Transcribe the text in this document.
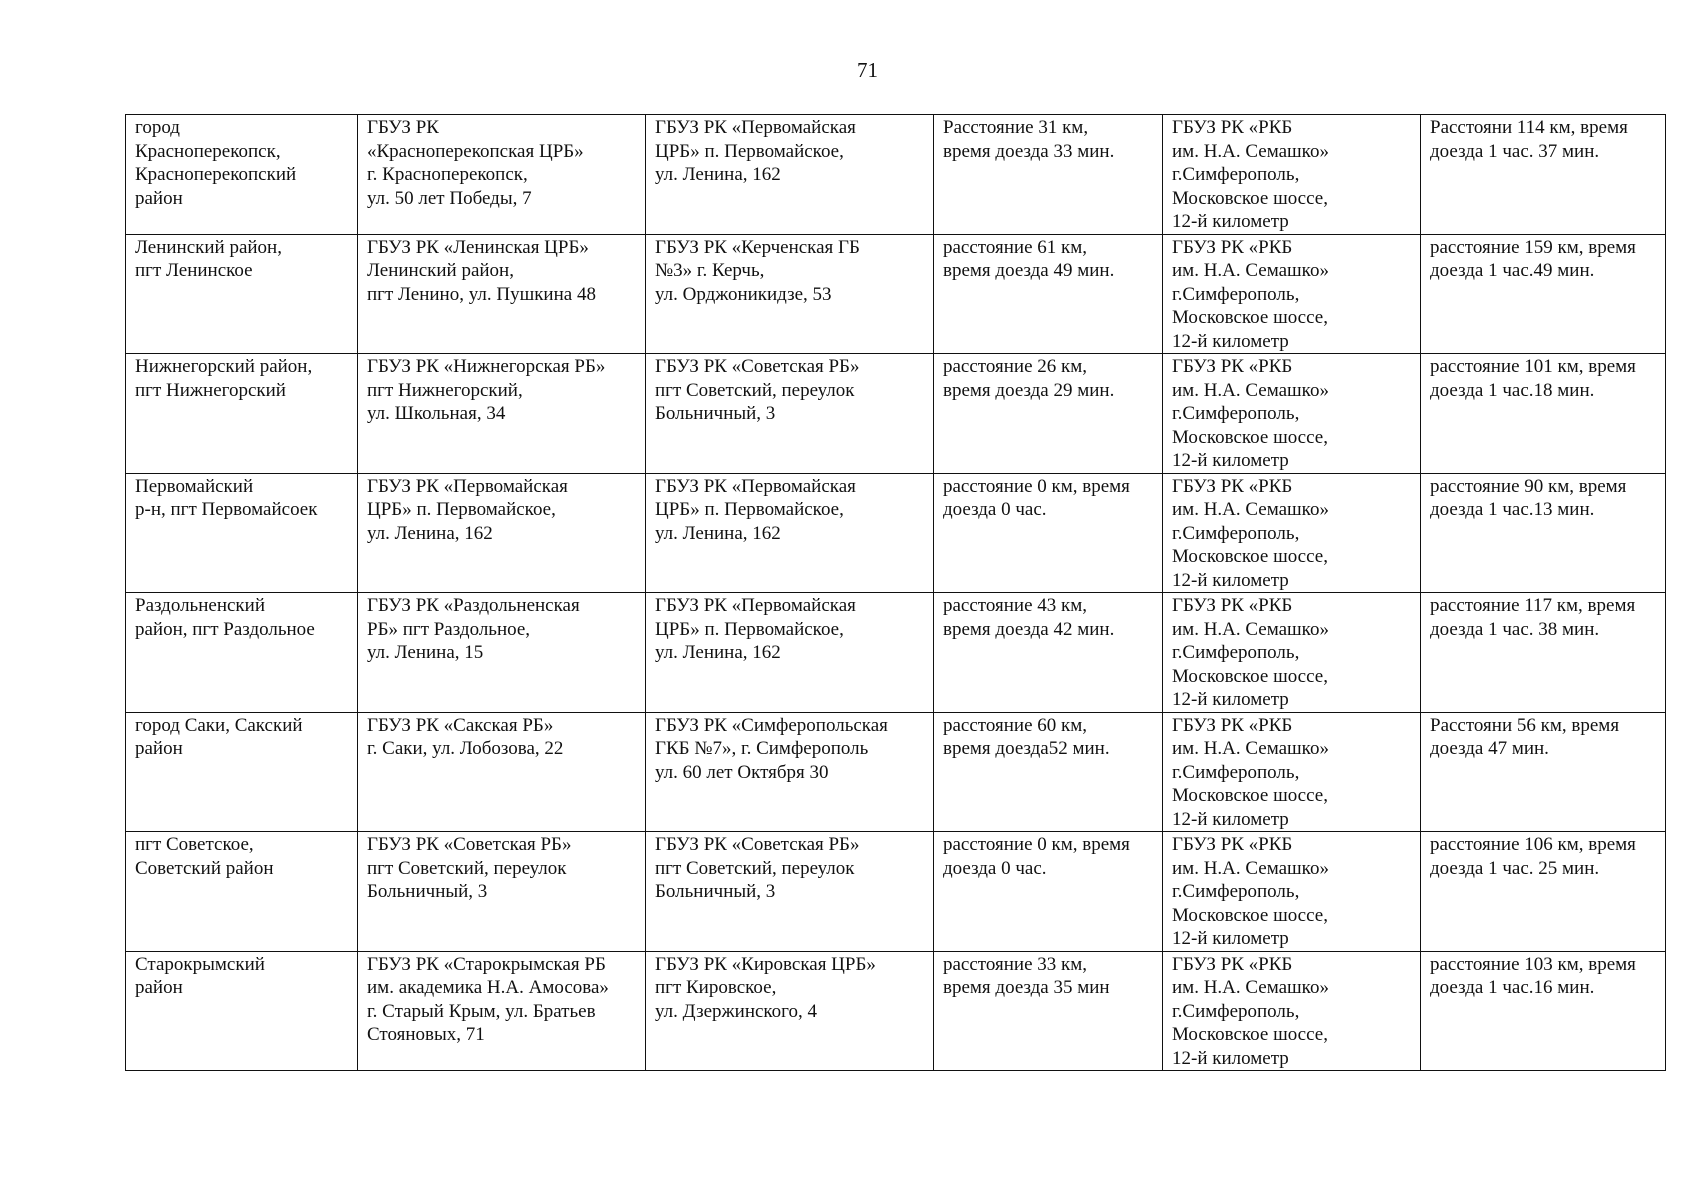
71
город
Красноперекопск,
Красноперекопский
район	ГБУЗ РК
«Красноперекопская ЦРБ»
г. Красноперекопск,
ул. 50 лет Победы, 7	ГБУЗ РК «Первомайская
ЦРБ» п. Первомайское,
ул. Ленина, 162	Расстояние 31 км,
время доезда 33 мин.	ГБУЗ РК «РКБ
им. Н.А. Семашко»
г.Симферополь,
Московское шоссе,
12-й километр	Расстояни 114 км, время
доезда 1 час. 37 мин.
Ленинский район,
пгт Ленинское	ГБУЗ РК «Ленинская ЦРБ»
Ленинский район,
пгт Ленино, ул. Пушкина 48	ГБУЗ РК «Керченская ГБ
№3» г. Керчь,
ул. Орджоникидзе, 53	расстояние 61 км,
время доезда 49 мин.	ГБУЗ РК «РКБ
им. Н.А. Семашко»
г.Симферополь,
Московское шоссе,
12-й километр	расстояние 159 км, время
доезда 1 час.49 мин.
Нижнегорский район,
пгт Нижнегорский	ГБУЗ РК «Нижнегорская РБ»
пгт Нижнегорский,
ул. Школьная, 34	ГБУЗ РК «Советская РБ»
пгт Советский, переулок
Больничный, 3	расстояние 26 км,
время доезда 29 мин.	ГБУЗ РК «РКБ
им. Н.А. Семашко»
г.Симферополь,
Московское шоссе,
12-й километр	расстояние 101 км, время
доезда 1 час.18 мин.
Первомайский
р-н, пгт Первомайсоек	ГБУЗ РК «Первомайская
ЦРБ» п. Первомайское,
ул. Ленина, 162	ГБУЗ РК «Первомайская
ЦРБ» п. Первомайское,
ул. Ленина, 162	расстояние 0 км, время
доезда 0 час.	ГБУЗ РК «РКБ
им. Н.А. Семашко»
г.Симферополь,
Московское шоссе,
12-й километр	расстояние 90 км, время
доезда 1 час.13 мин.
Раздольненский
район, пгт Раздольное	ГБУЗ РК «Раздольненская
РБ» пгт Раздольное,
ул. Ленина, 15	ГБУЗ РК «Первомайская
ЦРБ» п. Первомайское,
ул. Ленина, 162	расстояние 43 км,
время доезда 42 мин.	ГБУЗ РК «РКБ
им. Н.А. Семашко»
г.Симферополь,
Московское шоссе,
12-й километр	расстояние 117 км, время
доезда 1 час. 38 мин.
город Саки, Сакский
район	ГБУЗ РК «Сакская РБ»
г. Саки, ул. Лобозова, 22	ГБУЗ РК «Симферопольская
ГКБ №7», г. Симферополь
ул. 60 лет Октября 30	расстояние 60 км,
время доезда52 мин.	ГБУЗ РК «РКБ
им. Н.А. Семашко»
г.Симферополь,
Московское шоссе,
12-й километр	Расстояни 56 км, время
доезда 47 мин.
пгт Советское,
Советский район	ГБУЗ РК «Советская РБ»
пгт Советский, переулок
Больничный, 3	ГБУЗ РК «Советская РБ»
пгт Советский, переулок
Больничный, 3	расстояние 0 км, время
доезда 0 час.	ГБУЗ РК «РКБ
им. Н.А. Семашко»
г.Симферополь,
Московское шоссе,
12-й километр	расстояние 106 км, время
доезда 1 час. 25 мин.
Старокрымский
район	ГБУЗ РК «Старокрымская РБ
им. академика Н.А. Амосова»
г. Старый Крым, ул. Братьев
Стояновых, 71	ГБУЗ РК «Кировская ЦРБ»
пгт Кировское,
ул. Дзержинского, 4	расстояние 33 км,
время доезда 35 мин	ГБУЗ РК «РКБ
им. Н.А. Семашко»
г.Симферополь,
Московское шоссе,
12-й километр	расстояние 103 км, время
доезда 1 час.16 мин.
